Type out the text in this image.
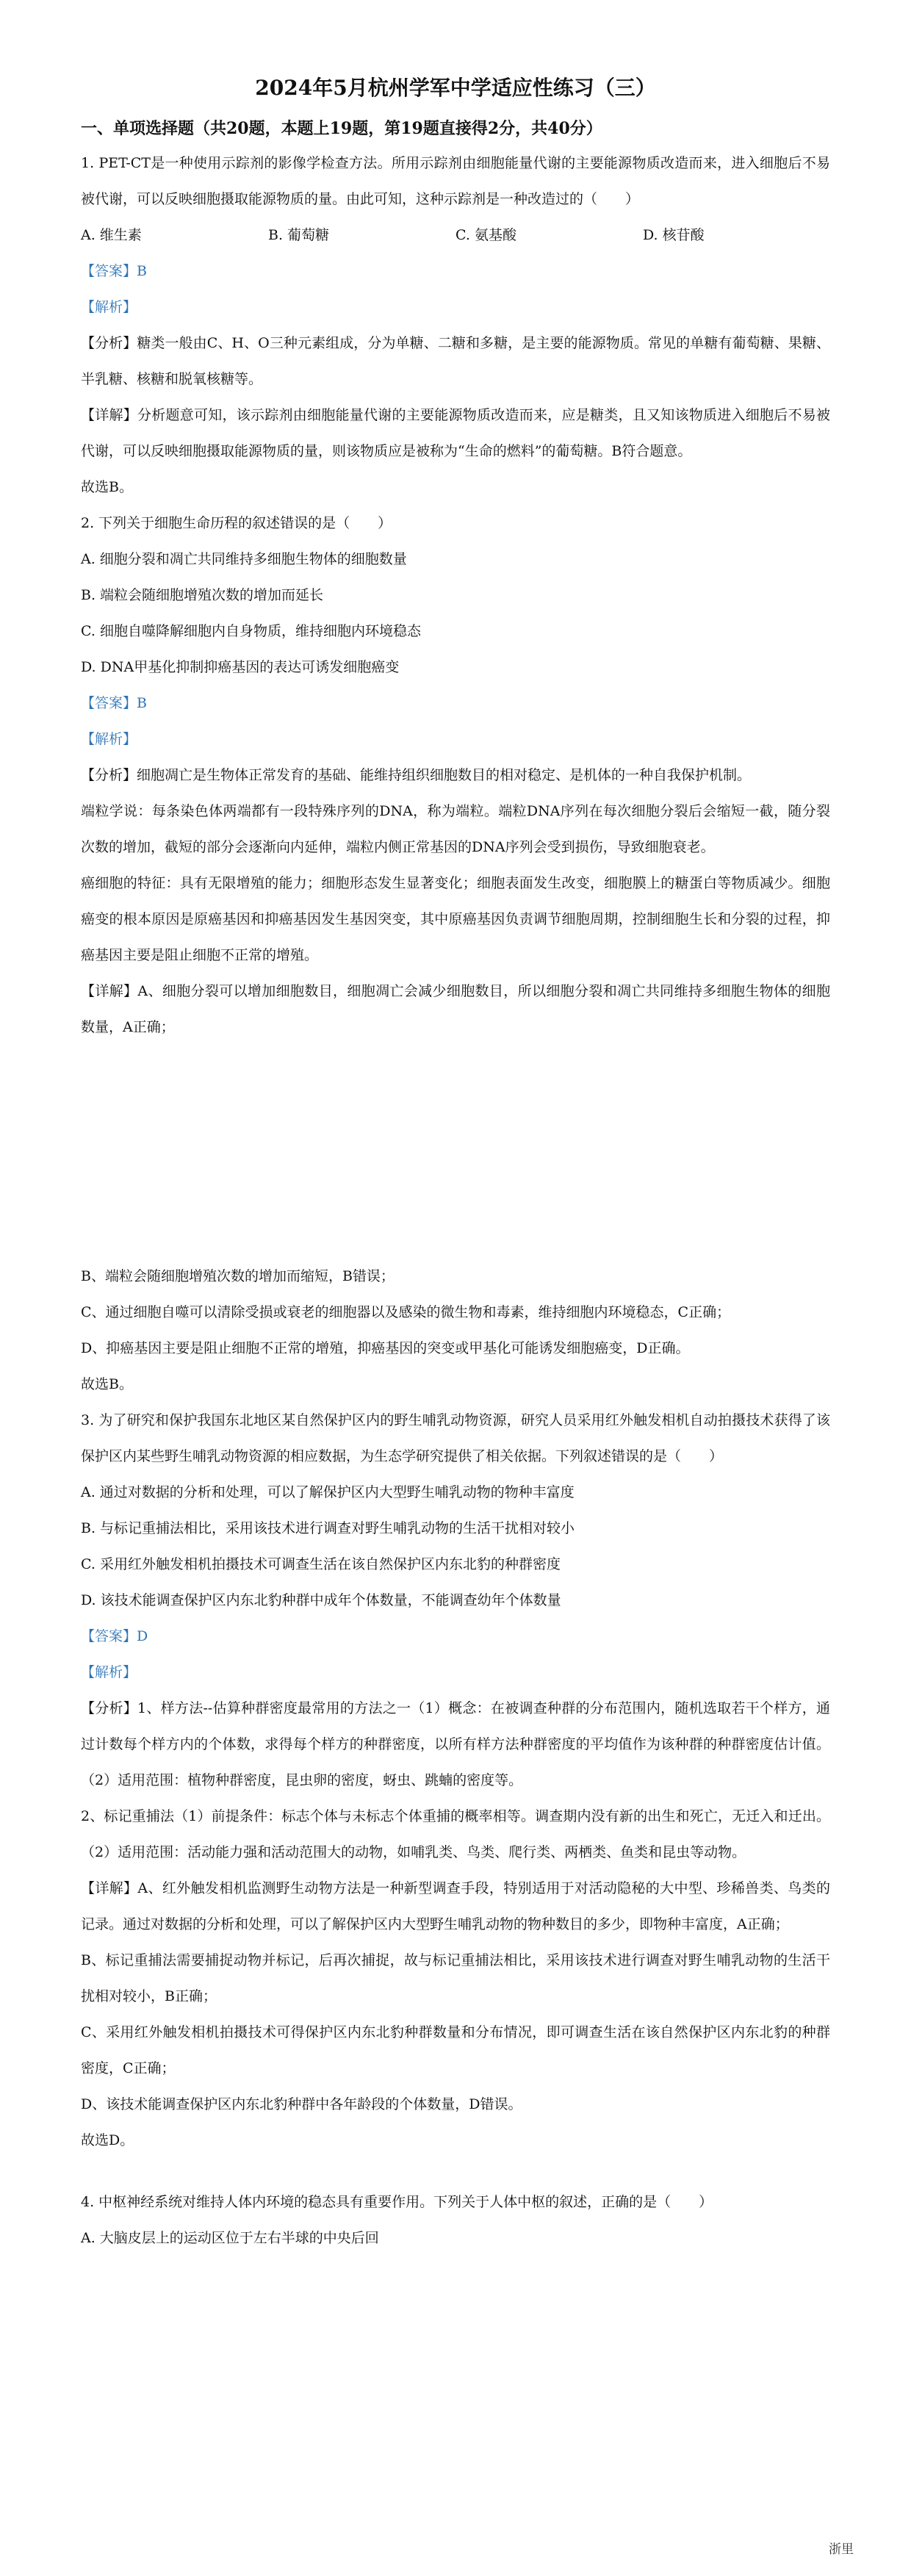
2024年5月杭州学军中学适应性练习（三）

一、单项选择题（共20题，本题上19题，第19题直接得2分，共40分）

1. PET-CT是一种使用示踪剂的影像学检查方法。所用示踪剂由细胞能量代谢的主要能源物质改造而来，进入细胞后不易被代谢，可以反映细胞摄取能源物质的量。由此可知，这种示踪剂是一种改造过的（　　）

A. 维生素	B. 葡萄糖	C. 氨基酸	D. 核苷酸

【答案】B

【解析】

【分析】糖类一般由C、H、O三种元素组成，分为单糖、二糖和多糖，是主要的能源物质。常见的单糖有葡萄糖、果糖、半乳糖、核糖和脱氧核糖等。

【详解】分析题意可知，该示踪剂由细胞能量代谢的主要能源物质改造而来，应是糖类，且又知该物质进入细胞后不易被代谢，可以反映细胞摄取能源物质的量，则该物质应是被称为“生命的燃料”的葡萄糖。B符合题意。

故选B。

2. 下列关于细胞生命历程的叙述错误的是（　　）

A. 细胞分裂和凋亡共同维持多细胞生物体的细胞数量

B. 端粒会随细胞增殖次数的增加而延长

C. 细胞自噬降解细胞内自身物质，维持细胞内环境稳态

D. DNA甲基化抑制抑癌基因的表达可诱发细胞癌变

【答案】B

【解析】

【分析】细胞凋亡是生物体正常发育的基础、能维持组织细胞数目的相对稳定、是机体的一种自我保护机制。

端粒学说：每条染色体两端都有一段特殊序列的DNA，称为端粒。端粒DNA序列在每次细胞分裂后会缩短一截，随分裂次数的增加，截短的部分会逐渐向内延伸，端粒内侧正常基因的DNA序列会受到损伤，导致细胞衰老。

癌细胞的特征：具有无限增殖的能力；细胞形态发生显著变化；细胞表面发生改变，细胞膜上的糖蛋白等物质减少。细胞癌变的根本原因是原癌基因和抑癌基因发生基因突变，其中原癌基因负责调节细胞周期，控制细胞生长和分裂的过程，抑癌基因主要是阻止细胞不正常的增殖。

【详解】A、细胞分裂可以增加细胞数目，细胞凋亡会减少细胞数目，所以细胞分裂和凋亡共同维持多细胞生物体的细胞数量，A正确；

B、端粒会随细胞增殖次数的增加而缩短，B错误；

C、通过细胞自噬可以清除受损或衰老的细胞器以及感染的微生物和毒素，维持细胞内环境稳态，C正确；

D、抑癌基因主要是阻止细胞不正常的增殖，抑癌基因的突变或甲基化可能诱发细胞癌变，D正确。

故选B。

3. 为了研究和保护我国东北地区某自然保护区内的野生哺乳动物资源，研究人员采用红外触发相机自动拍摄技术获得了该保护区内某些野生哺乳动物资源的相应数据，为生态学研究提供了相关依据。下列叙述错误的是（　　）

A. 通过对数据的分析和处理，可以了解保护区内大型野生哺乳动物的物种丰富度

B. 与标记重捕法相比，采用该技术进行调查对野生哺乳动物的生活干扰相对较小

C. 采用红外触发相机拍摄技术可调查生活在该自然保护区内东北豹的种群密度

D. 该技术能调查保护区内东北豹种群中成年个体数量，不能调查幼年个体数量

【答案】D

【解析】

【分析】1、样方法--估算种群密度最常用的方法之一（1）概念：在被调查种群的分布范围内，随机选取若干个样方，通过计数每个样方内的个体数，求得每个样方的种群密度，以所有样方法种群密度的平均值作为该种群的种群密度估计值。（2）适用范围：植物种群密度，昆虫卵的密度，蚜虫、跳蝻的密度等。

2、标记重捕法（1）前提条件：标志个体与未标志个体重捕的概率相等。调查期内没有新的出生和死亡，无迁入和迁出。（2）适用范围：活动能力强和活动范围大的动物，如哺乳类、鸟类、爬行类、两栖类、鱼类和昆虫等动物。

【详解】A、红外触发相机监测野生动物方法是一种新型调查手段，特别适用于对活动隐秘的大中型、珍稀兽类、鸟类的记录。通过对数据的分析和处理，可以了解保护区内大型野生哺乳动物的物种数目的多少，即物种丰富度，A正确；

B、标记重捕法需要捕捉动物并标记，后再次捕捉，故与标记重捕法相比，采用该技术进行调查对野生哺乳动物的生活干扰相对较小，B正确；

C、采用红外触发相机拍摄技术可得保护区内东北豹种群数量和分布情况，即可调查生活在该自然保护区内东北豹的种群密度，C正确；

D、该技术能调查保护区内东北豹种群中各年龄段的个体数量，D错误。

故选D。

4. 中枢神经系统对维持人体内环境的稳态具有重要作用。下列关于人体中枢的叙述，正确的是（　　）

A. 大脑皮层上的运动区位于左右半球的中央后回

浙里
